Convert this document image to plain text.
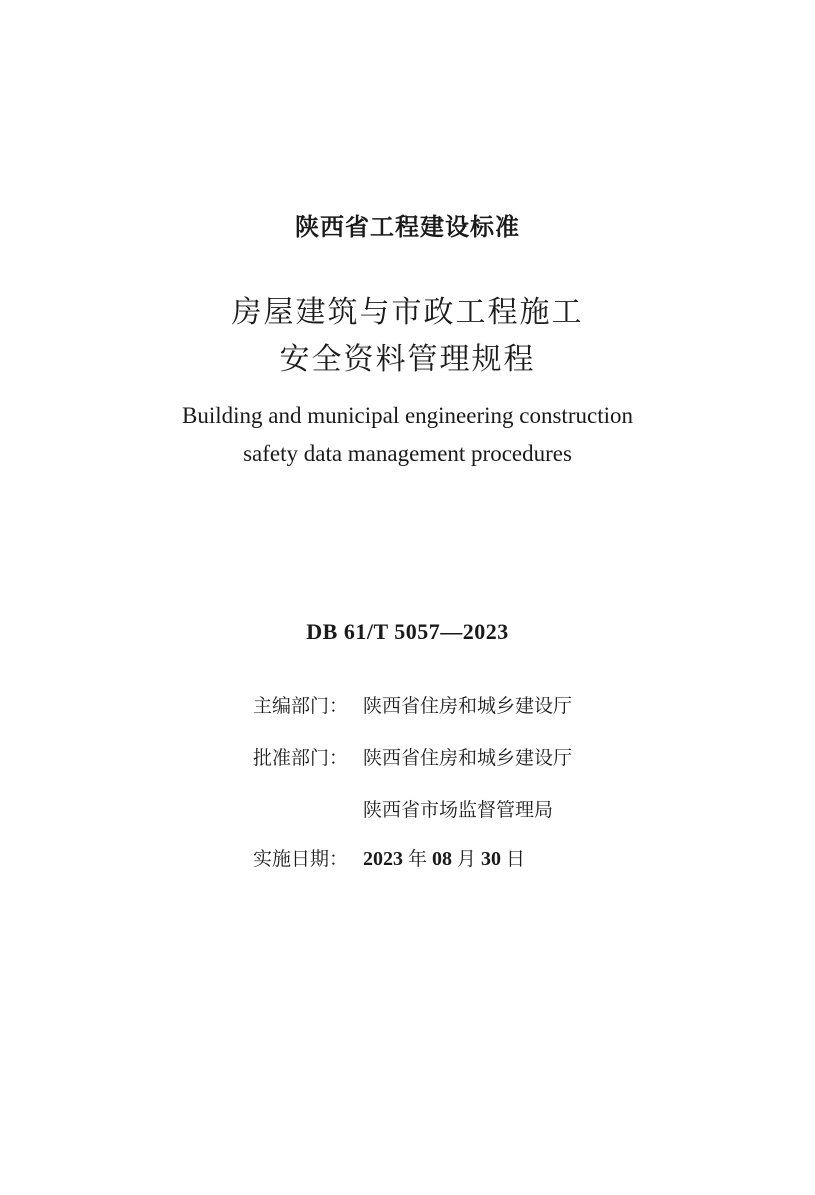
陕西省工程建设标准
房屋建筑与市政工程施工
安全资料管理规程
Building and municipal engineering construction
safety data management procedures
DB 61/T 5057—2023
主编部门： 陕西省住房和城乡建设厅
批准部门： 陕西省住房和城乡建设厅
陕西省市场监督管理局
实施日期： 2023 年 08 月 30 日
